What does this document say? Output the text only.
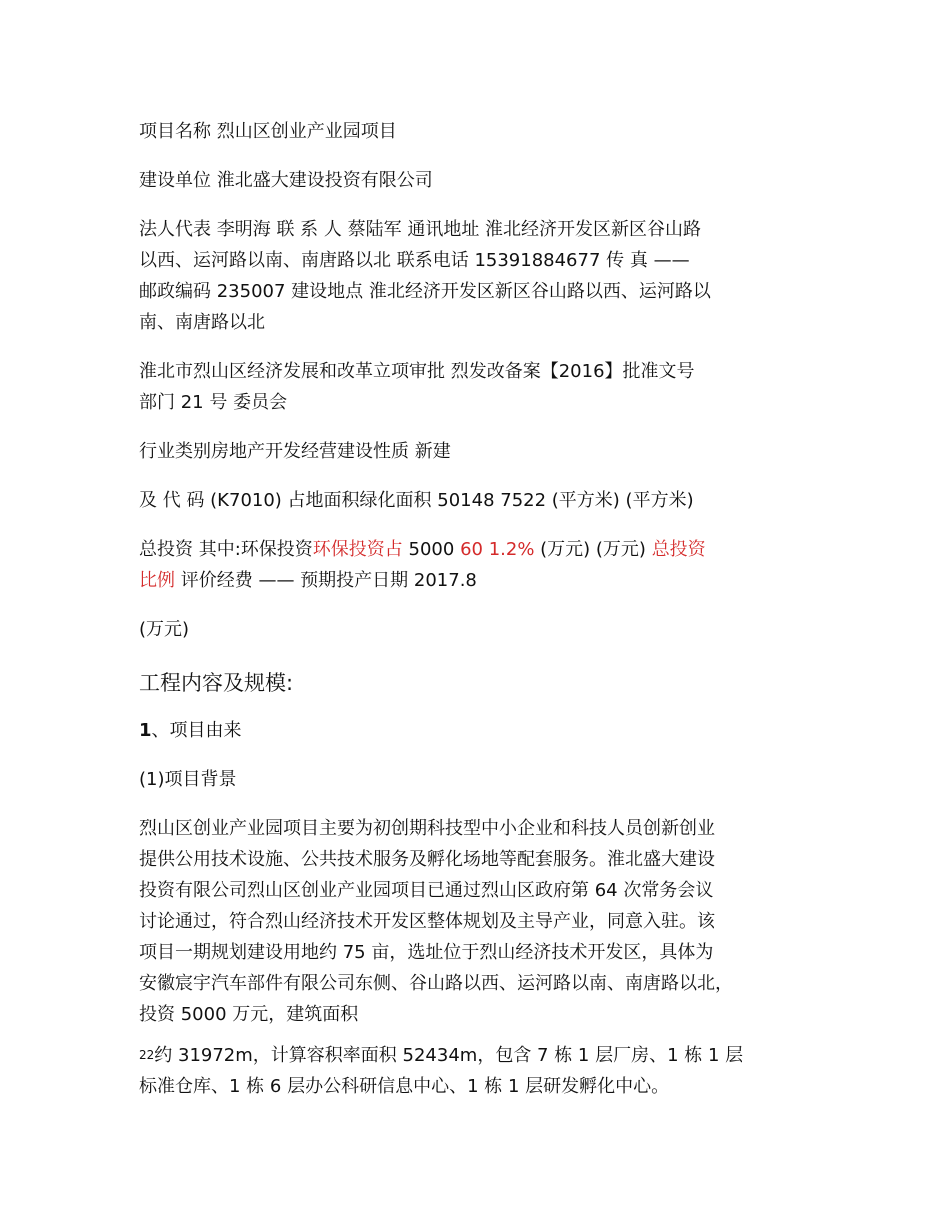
项目名称 烈山区创业产业园项目

建设单位 淮北盛大建设投资有限公司

法人代表 李明海 联 系 人 蔡陆军 通讯地址 淮北经济开发区新区谷山路
以西、运河路以南、南唐路以北 联系电话 15391884677 传 真 ——
邮政编码 235007 建设地点 淮北经济开发区新区谷山路以西、运河路以
南、南唐路以北

淮北市烈山区经济发展和改革立项审批 烈发改备案【2016】批准文号
部门 21 号 委员会

行业类别房地产开发经营建设性质 新建

及 代 码 (K7010) 占地面积绿化面积 50148 7522 (平方米) (平方米)

总投资 其中:环保投资环保投资占 5000 60 1.2% (万元) (万元) 总投资
比例 评价经费 —— 预期投产日期 2017.8

(万元)

工程内容及规模:

1、项目由来

(1)项目背景

烈山区创业产业园项目主要为初创期科技型中小企业和科技人员创新创业
提供公用技术设施、公共技术服务及孵化场地等配套服务。淮北盛大建设
投资有限公司烈山区创业产业园项目已通过烈山区政府第 64 次常务会议
讨论通过，符合烈山经济技术开发区整体规划及主导产业，同意入驻。该
项目一期规划建设用地约 75 亩，选址位于烈山经济技术开发区，具体为
安徽宸宇汽车部件有限公司东侧、谷山路以西、运河路以南、南唐路以北，
投资 5000 万元，建筑面积

22约 31972m，计算容积率面积 52434m，包含 7 栋 1 层厂房、1 栋 1 层
标准仓库、1 栋 6 层办公科研信息中心、1 栋 1 层研发孵化中心。
